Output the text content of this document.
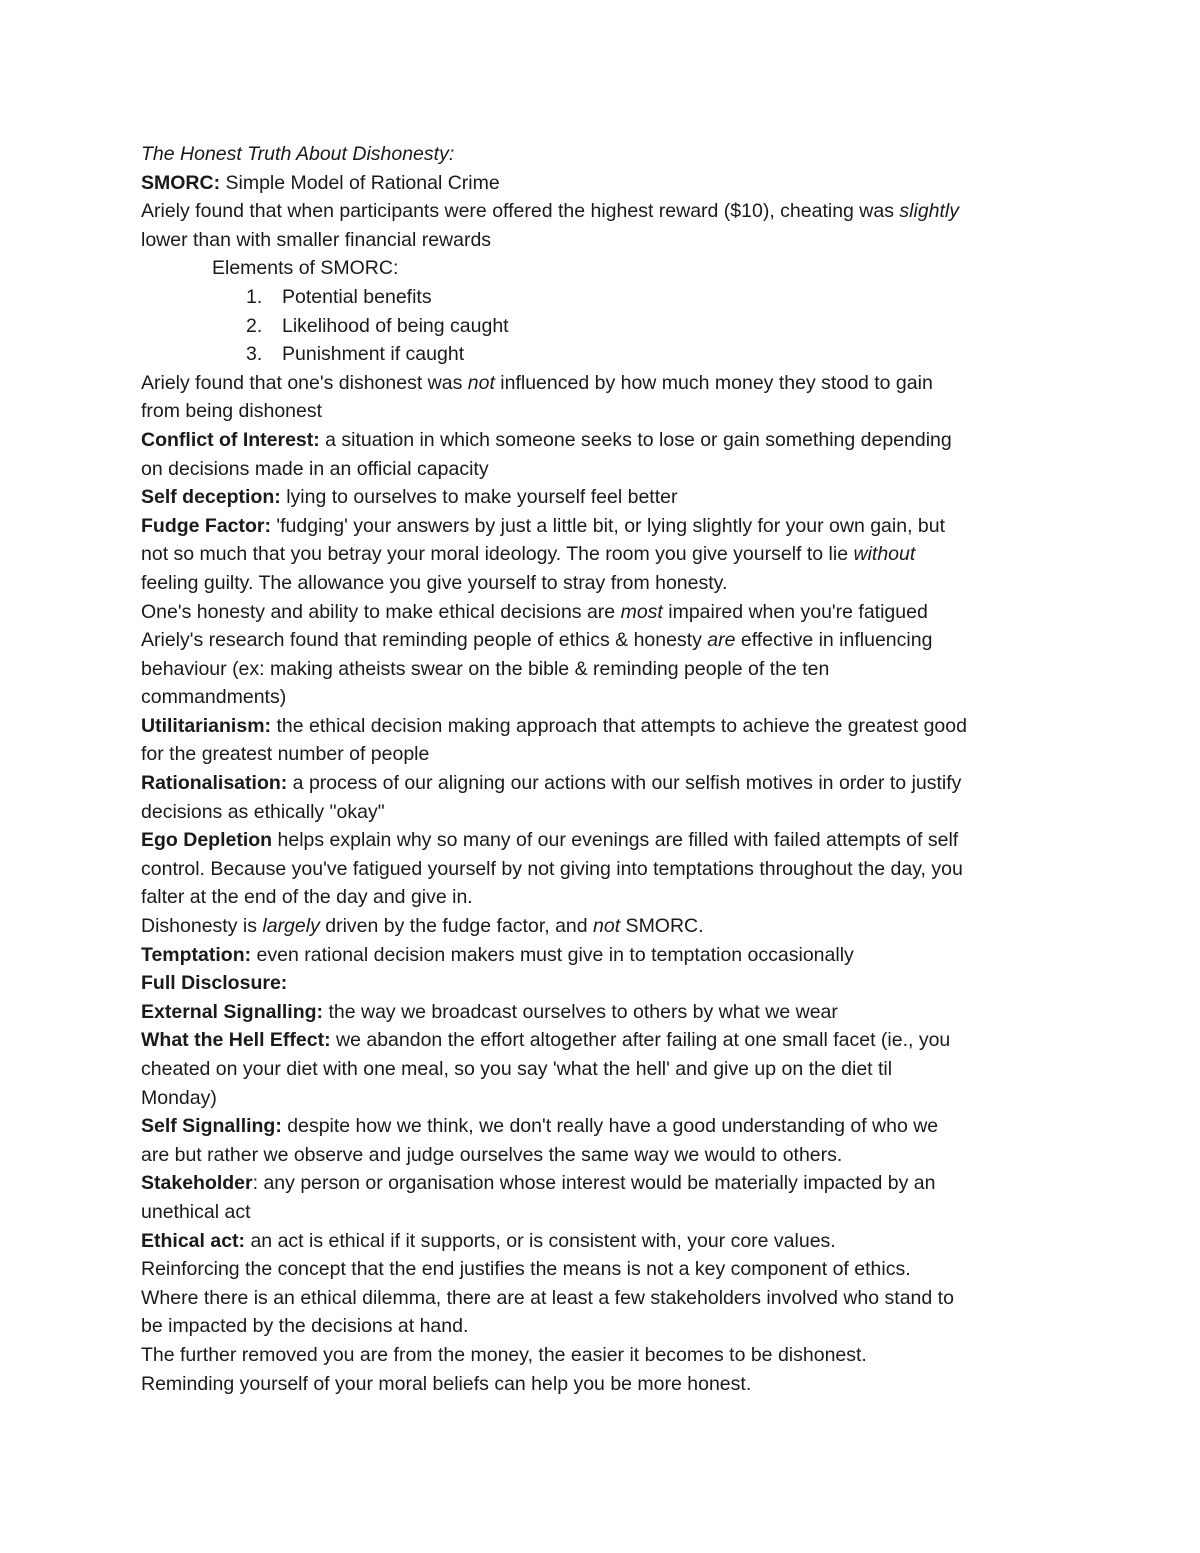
The Honest Truth About Dishonesty:
SMORC: Simple Model of Rational Crime
Ariely found that when participants were offered the highest reward ($10), cheating was slightly
lower than with smaller financial rewards
Elements of SMORC:
1. Potential benefits
2. Likelihood of being caught
3. Punishment if caught
Ariely found that one's dishonest was not influenced by how much money they stood to gain
from being dishonest
Conflict of Interest: a situation in which someone seeks to lose or gain something depending
on decisions made in an official capacity
Self deception: lying to ourselves to make yourself feel better
Fudge Factor: 'fudging' your answers by just a little bit, or lying slightly for your own gain, but
not so much that you betray your moral ideology. The room you give yourself to lie without
feeling guilty. The allowance you give yourself to stray from honesty.
One's honesty and ability to make ethical decisions are most impaired when you're fatigued
Ariely's research found that reminding people of ethics & honesty are effective in influencing
behaviour (ex: making atheists swear on the bible & reminding people of the ten
commandments)
Utilitarianism: the ethical decision making approach that attempts to achieve the greatest good
for the greatest number of people
Rationalisation: a process of our aligning our actions with our selfish motives in order to justify
decisions as ethically "okay"
Ego Depletion helps explain why so many of our evenings are filled with failed attempts of self
control. Because you've fatigued yourself by not giving into temptations throughout the day, you
falter at the end of the day and give in.
Dishonesty is largely driven by the fudge factor, and not SMORC.
Temptation: even rational decision makers must give in to temptation occasionally
Full Disclosure:
External Signalling: the way we broadcast ourselves to others by what we wear
What the Hell Effect: we abandon the effort altogether after failing at one small facet (ie., you
cheated on your diet with one meal, so you say 'what the hell' and give up on the diet til
Monday)
Self Signalling: despite how we think, we don't really have a good understanding of who we
are but rather we observe and judge ourselves the same way we would to others.
Stakeholder: any person or organisation whose interest would be materially impacted by an
unethical act
Ethical act: an act is ethical if it supports, or is consistent with, your core values.
Reinforcing the concept that the end justifies the means is not a key component of ethics.
Where there is an ethical dilemma, there are at least a few stakeholders involved who stand to
be impacted by the decisions at hand.
The further removed you are from the money, the easier it becomes to be dishonest.
Reminding yourself of your moral beliefs can help you be more honest.
